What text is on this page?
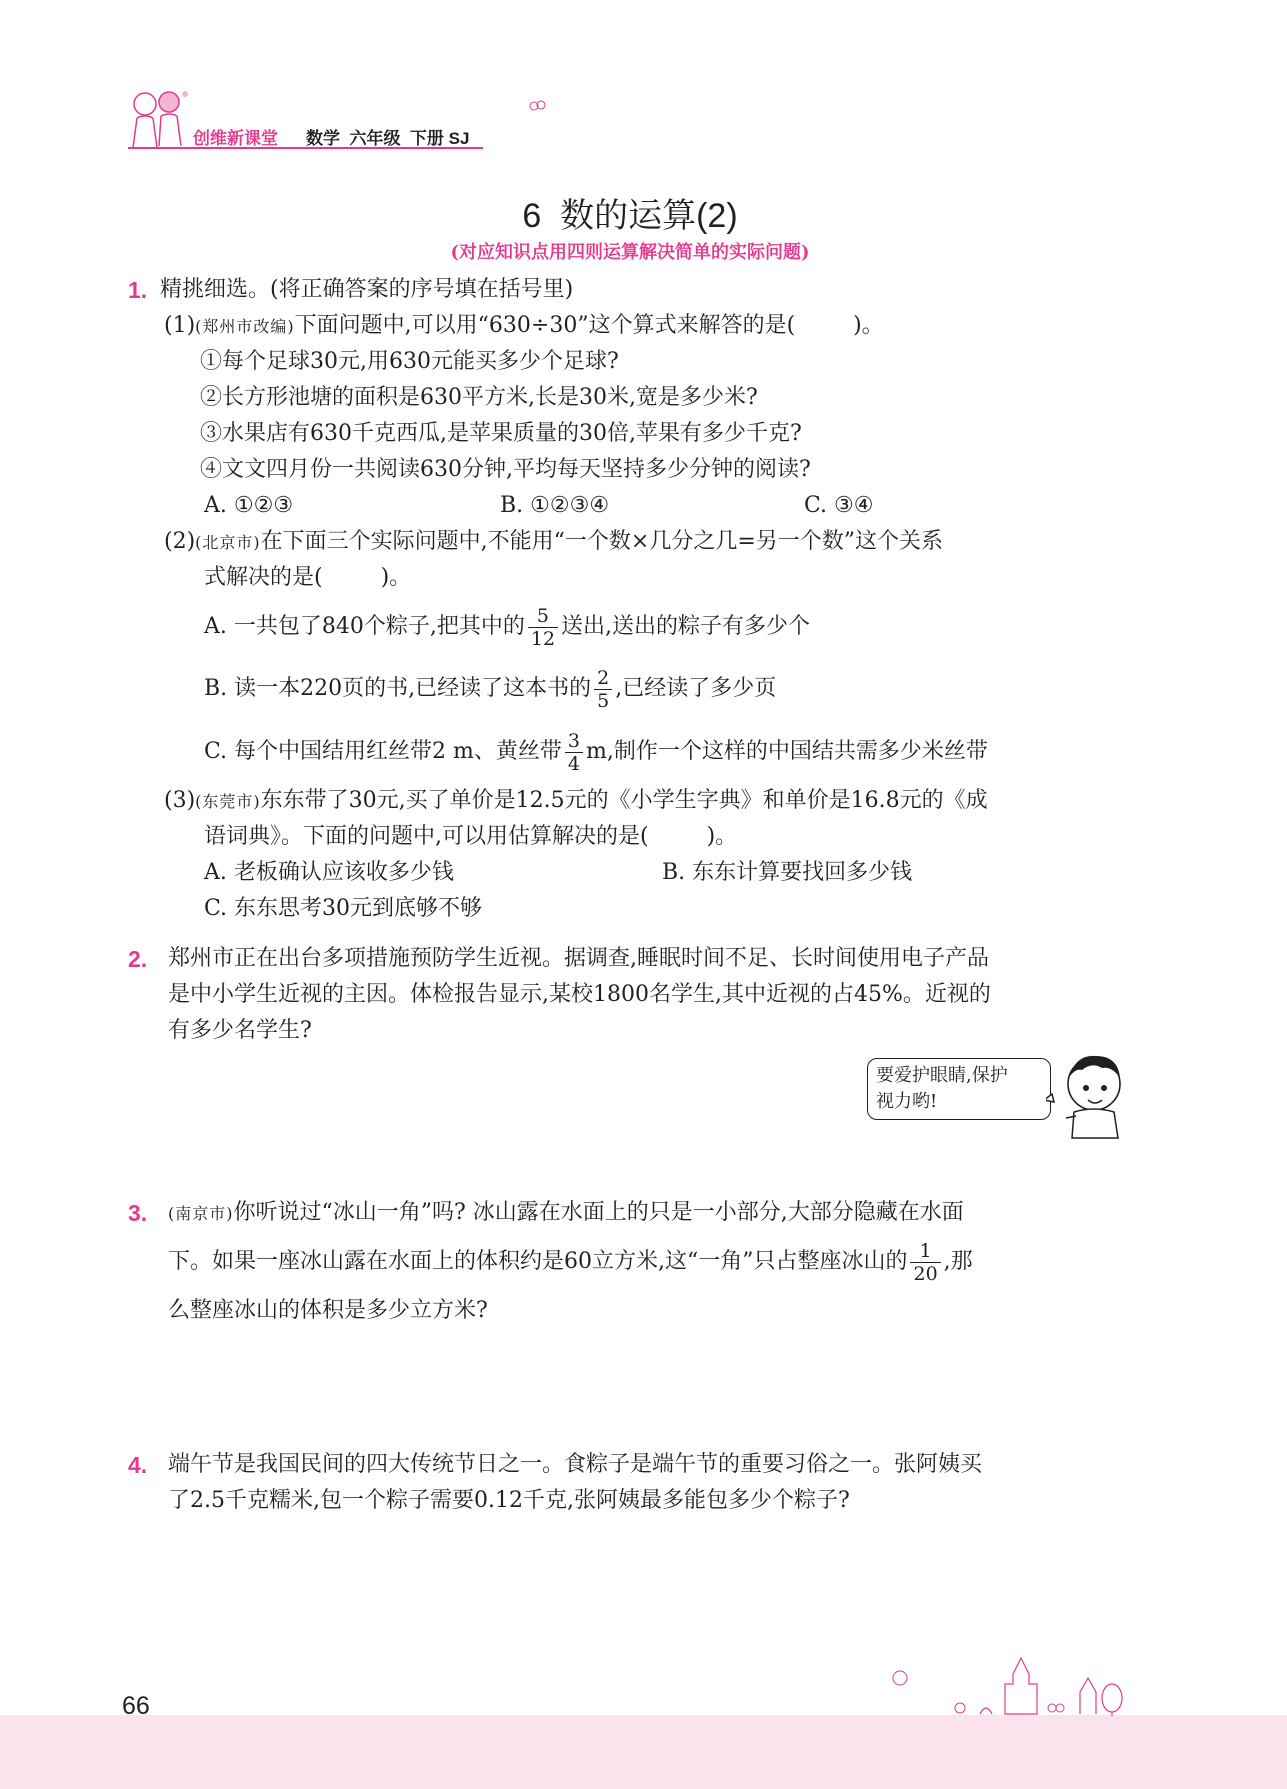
创维新课堂 数学 六年级 下册 SJ
6  数的运算(2)
(对应知识点用四则运算解决简单的实际问题)
1. 精挑细选。(将正确答案的序号填在括号里)
(1)(郑州市改编)下面问题中,可以用“630÷30”这个算式来解答的是(	)。
①每个足球30元,用630元能买多少个足球?
②长方形池塘的面积是630平方米,长是30米,宽是多少米?
③水果店有630千克西瓜,是苹果质量的30倍,苹果有多少千克?
④文文四月份一共阅读630分钟,平均每天坚持多少分钟的阅读?
A. ①②③	B. ①②③④	C. ③④
(2)(北京市)在下面三个实际问题中,不能用“一个数×几分之几=另一个数”这个关系
式解决的是(	)。
A. 一共包了840个粽子,把其中的 $\frac{5}{12}$ 送出,送出的粽子有多少个
B. 读一本220页的书,已经读了这本书的 $\frac{2}{5}$ ,已经读了多少页
C. 每个中国结用红丝带2 m、黄丝带 $\frac{3}{4} m$,制作一个这样的中国结共需多少米丝带
(3)(东莞市)东东带了30元,买了单价是12.5元的《小学生字典》和单价是16.8元的《成
语词典》。下面的问题中,可以用估算解决的是(	)。
A. 老板确认应该收多少钱	B. 东东计算要找回多少钱
C. 东东思考30元到底够不够
2. 郑州市正在出台多项措施预防学生近视。据调查,睡眠时间不足、长时间使用电子产品
是中小学生近视的主因。体检报告显示,某校1800名学生,其中近视的占45%。近视的
有多少名学生?
要爱护眼睛,保护
视力哟!
3. (南京市)你听说过“冰山一角”吗? 冰山露在水面上的只是一小部分,大部分隐藏在水面
下。如果一座冰山露在水面上的体积约是60立方米,这“一角”只占整座冰山的 $\frac{1}{20}$ ,那
么整座冰山的体积是多少立方米?
4. 端午节是我国民间的四大传统节日之一。食粽子是端午节的重要习俗之一。张阿姨买
了2.5千克糯米,包一个粽子需要0.12千克,张阿姨最多能包多少个粽子?
66
